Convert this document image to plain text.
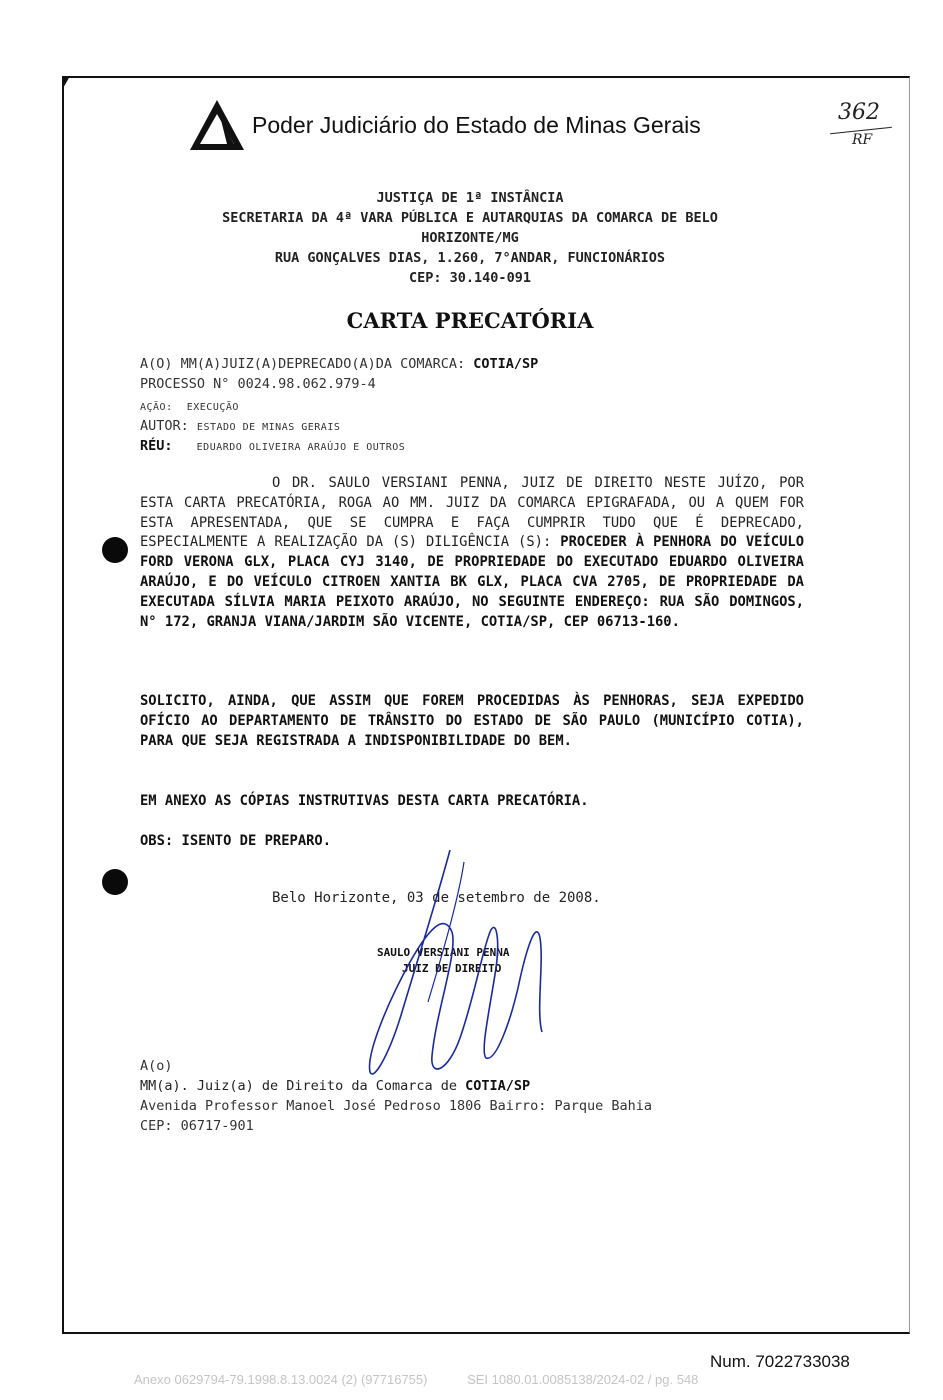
Poder Judiciário do Estado de Minas Gerais	362
RF
JUSTIÇA DE 1ª INSTÂNCIA
SECRETARIA DA 4ª VARA PÚBLICA E AUTARQUIAS DA COMARCA DE BELO
HORIZONTE/MG
RUA GONÇALVES DIAS, 1.260, 7°ANDAR, FUNCIONÁRIOS
CEP: 30.140-091
CARTA PRECATÓRIA
A(O) MM(A)JUIZ(A)DEPRECADO(A)DA COMARCA: COTIA/SP
PROCESSO N° 0024.98.062.979-4
AÇÃO: EXECUÇÃO
AUTOR: ESTADO DE MINAS GERAIS
RÉU: EDUARDO OLIVEIRA ARAÚJO E OUTROS
O DR. SAULO VERSIANI PENNA, JUIZ DE DIREITO NESTE JUÍZO, POR ESTA CARTA PRECATÓRIA, ROGA AO MM. JUIZ DA COMARCA EPIGRAFADA, OU A QUEM FOR ESTA APRESENTADA, QUE SE CUMPRA E FAÇA CUMPRIR TUDO QUE É DEPRECADO, ESPECIALMENTE A REALIZAÇÃO DA (S) DILIGÊNCIA (S): PROCEDER À PENHORA DO VEÍCULO FORD VERONA GLX, PLACA CYJ 3140, DE PROPRIEDADE DO EXECUTADO EDUARDO OLIVEIRA ARAÚJO, E DO VEÍCULO CITROEN XANTIA BK GLX, PLACA CVA 2705, DE PROPRIEDADE DA EXECUTADA SÍLVIA MARIA PEIXOTO ARAÚJO, NO SEGUINTE ENDEREÇO: RUA SÃO DOMINGOS, N° 172, GRANJA VIANA/JARDIM SÃO VICENTE, COTIA/SP, CEP 06713-160.
SOLICITO, AINDA, QUE ASSIM QUE FOREM PROCEDIDAS ÀS PENHORAS, SEJA EXPEDIDO OFÍCIO AO DEPARTAMENTO DE TRÂNSITO DO ESTADO DE SÃO PAULO (MUNICÍPIO COTIA), PARA QUE SEJA REGISTRADA A INDISPONIBILIDADE DO BEM.
EM ANEXO AS CÓPIAS INSTRUTIVAS DESTA CARTA PRECATÓRIA.
OBS: ISENTO DE PREPARO.
Belo Horizonte, 03 de setembro de 2008.
SAULO VERSIANI PENNA
JUIZ DE DIREITO
A(o)
MM(a). Juiz(a) de Direito da Comarca de COTIA/SP
Avenida Professor Manoel José Pedroso 1806 Bairro: Parque Bahia
CEP: 06717-901
Num. 7022733038
Anexo 0629794-79.1998.8.13.0024 (2) (97716755)	SEI 1080.01.0085138/2024-02 / pg. 548
